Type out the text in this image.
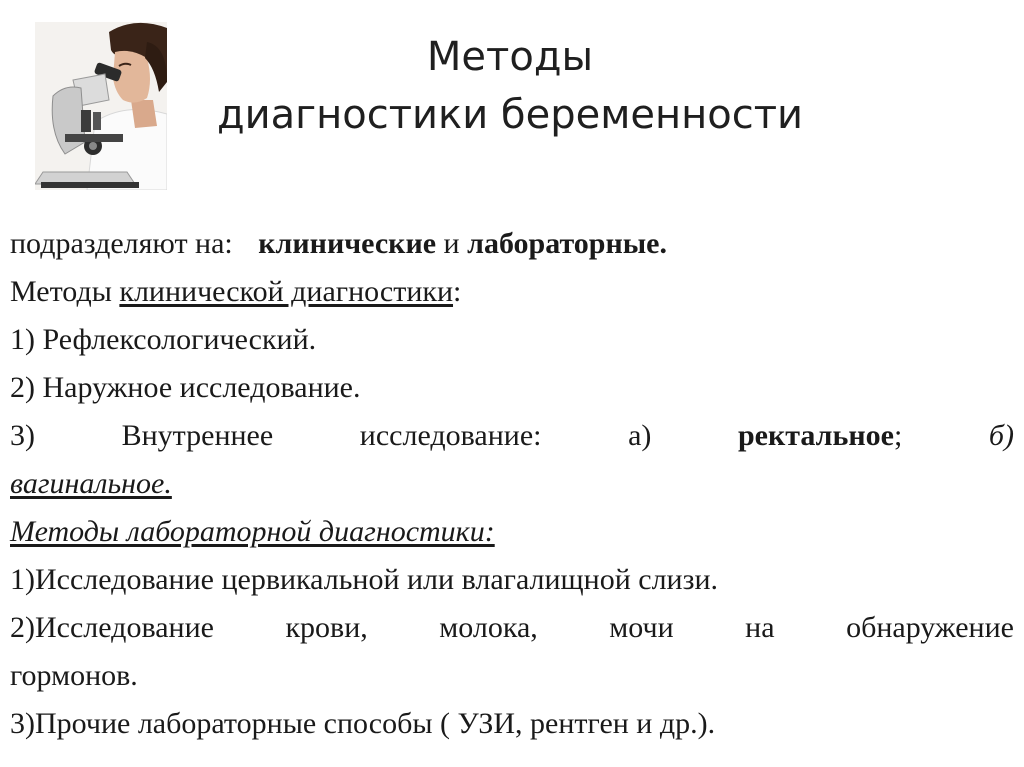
Методы
диагностики беременности
подразделяют на: клинические и лабораторные.
Методы клинической диагностики:
1) Рефлексологический.
2) Наружное исследование.
3)	Внутреннее	исследование:	а)	ректальное;	б)
вагинальное.
Методы лабораторной диагностики:
1)Исследование цервикальной или влагалищной слизи.
2)Исследование крови, молока, мочи на обнаружение
гормонов.
3)Прочие лабораторные способы ( УЗИ, рентген и др.).
